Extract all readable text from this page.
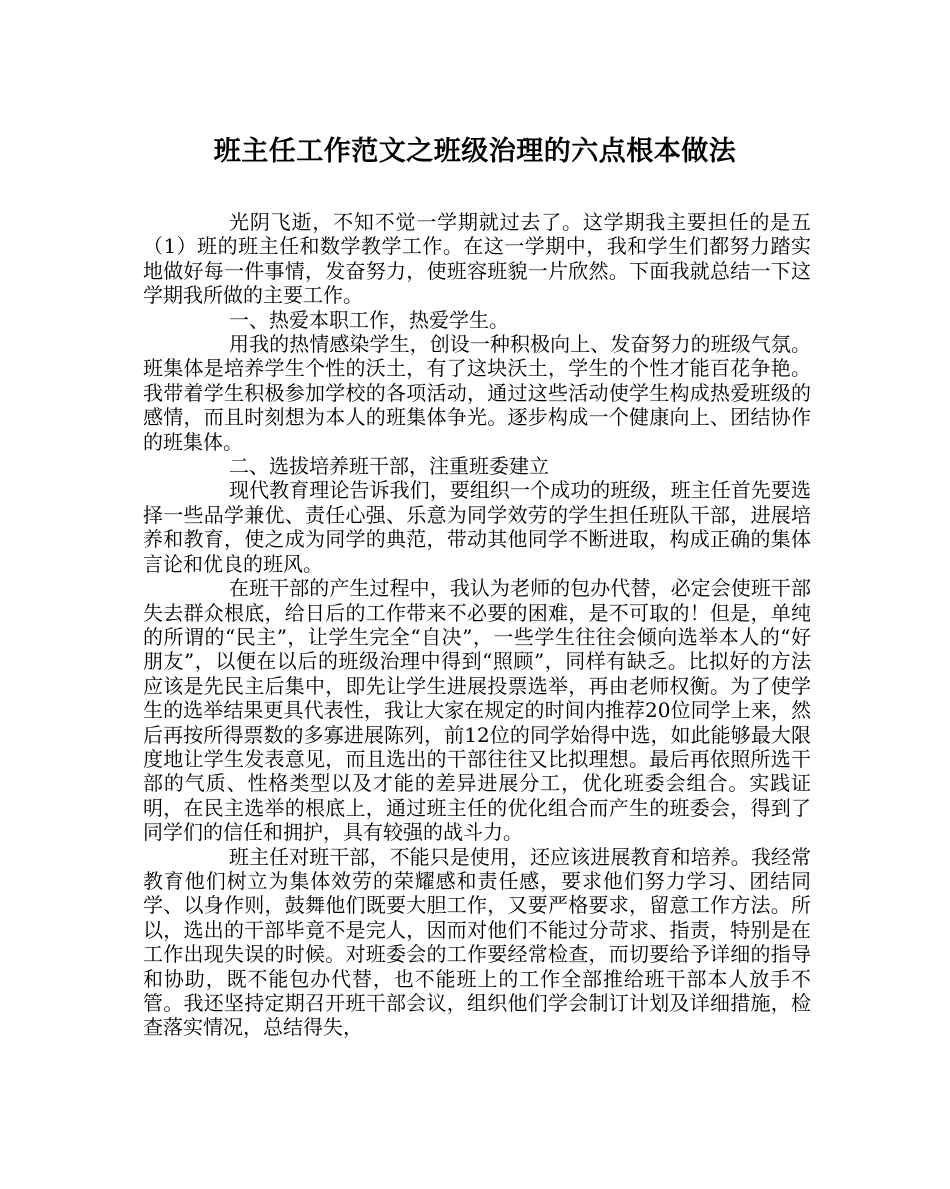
班主任工作范文之班级治理的六点根本做法

光阴飞逝，不知不觉一学期就过去了。这学期我主要担任的是五（1）班的班主任和数学教学工作。在这一学期中，我和学生们都努力踏实地做好每一件事情，发奋努力，使班容班貌一片欣然。下面我就总结一下这学期我所做的主要工作。

一、热爱本职工作，热爱学生。

用我的热情感染学生，创设一种积极向上、发奋努力的班级气氛。班集体是培养学生个性的沃土，有了这块沃土，学生的个性才能百花争艳。我带着学生积极参加学校的各项活动，通过这些活动使学生构成热爱班级的感情，而且时刻想为本人的班集体争光。逐步构成一个健康向上、团结协作的班集体。

二、选拔培养班干部，注重班委建立

现代教育理论告诉我们，要组织一个成功的班级，班主任首先要选择一些品学兼优、责任心强、乐意为同学效劳的学生担任班队干部，进展培养和教育，使之成为同学的典范，带动其他同学不断进取，构成正确的集体言论和优良的班风。

在班干部的产生过程中，我认为老师的包办代替，必定会使班干部失去群众根底，给日后的工作带来不必要的困难，是不可取的！但是，单纯的所谓的“民主”，让学生完全“自决”，一些学生往往会倾向选举本人的“好朋友”，以便在以后的班级治理中得到“照顾”，同样有缺乏。比拟好的方法应该是先民主后集中，即先让学生进展投票选举，再由老师权衡。为了使学生的选举结果更具代表性，我让大家在规定的时间内推荐20位同学上来，然后再按所得票数的多寡进展陈列，前12位的同学始得中选，如此能够最大限度地让学生发表意见，而且选出的干部往往又比拟理想。最后再依照所选干部的气质、性格类型以及才能的差异进展分工，优化班委会组合。实践证明，在民主选举的根底上，通过班主任的优化组合而产生的班委会，得到了同学们的信任和拥护，具有较强的战斗力。

班主任对班干部，不能只是使用，还应该进展教育和培养。我经常教育他们树立为集体效劳的荣耀感和责任感，要求他们努力学习、团结同学、以身作则，鼓舞他们既要大胆工作，又要严格要求，留意工作方法。所以，选出的干部毕竟不是完人，因而对他们不能过分苛求、指责，特别是在工作出现失误的时候。对班委会的工作要经常检查，而切要给予详细的指导和协助，既不能包办代替，也不能班上的工作全部推给班干部本人放手不管。我还坚持定期召开班干部会议，组织他们学会制订计划及详细措施，检查落实情况，总结得失，
